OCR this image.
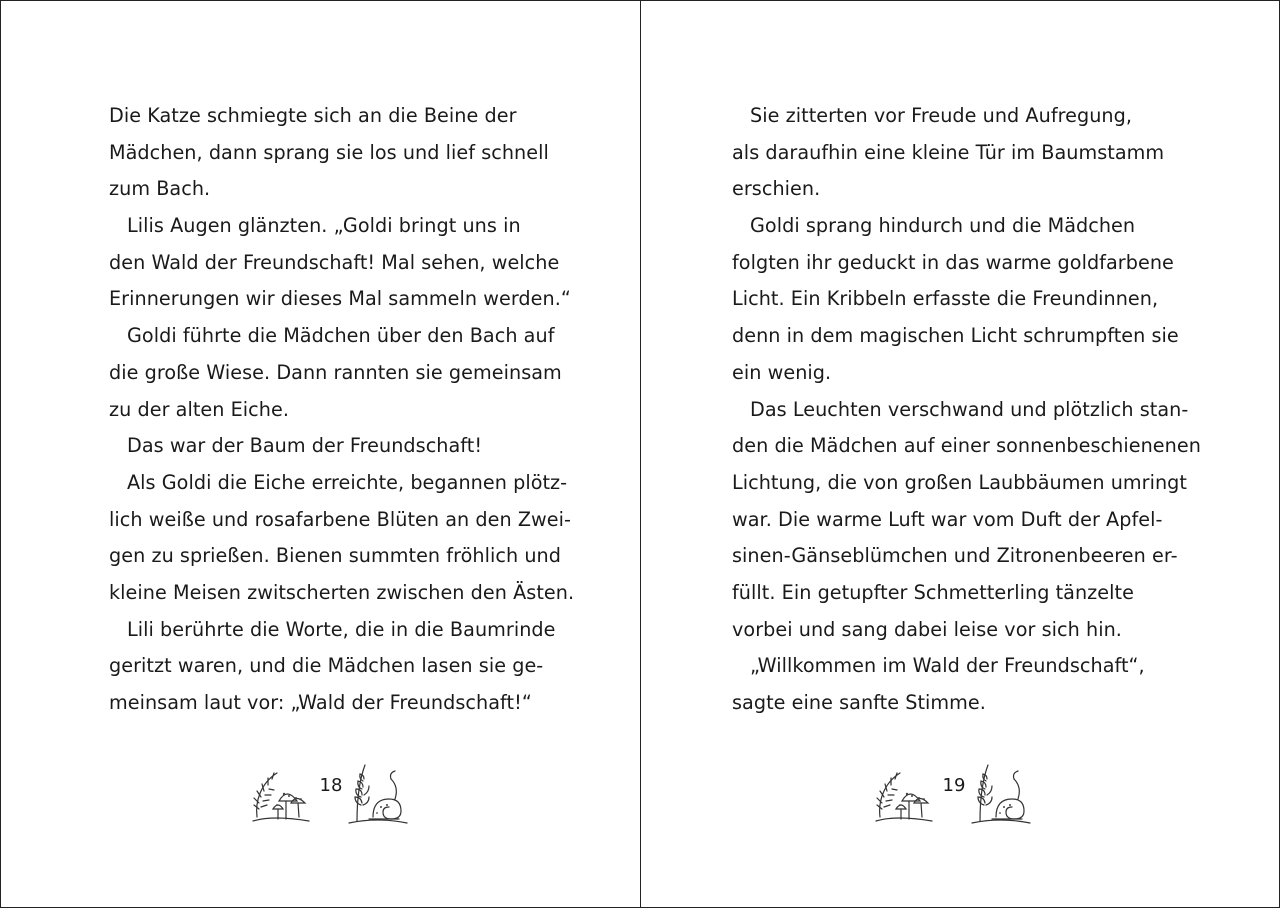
Die Katze schmiegte sich an die Beine der
Mädchen, dann sprang sie los und lief schnell
zum Bach.
Lilis Augen glänzten. „Goldi bringt uns in
den Wald der Freundschaft! Mal sehen, welche
Erinnerungen wir dieses Mal sammeln werden.“
Goldi führte die Mädchen über den Bach auf
die große Wiese. Dann rannten sie gemeinsam
zu der alten Eiche.
Das war der Baum der Freundschaft!
Als Goldi die Eiche erreichte, begannen plötz-
lich weiße und rosafarbene Blüten an den Zwei-
gen zu sprießen. Bienen summten fröhlich und
kleine Meisen zwitscherten zwischen den Ästen.
Lili berührte die Worte, die in die Baumrinde
geritzt waren, und die Mädchen lasen sie ge-
meinsam laut vor: „Wald der Freundschaft!“
18
Sie zitterten vor Freude und Aufregung,
als daraufhin eine kleine Tür im Baumstamm
erschien.
Goldi sprang hindurch und die Mädchen
folgten ihr geduckt in das warme goldfarbene
Licht. Ein Kribbeln erfasste die Freundinnen,
denn in dem magischen Licht schrumpften sie
ein wenig.
Das Leuchten verschwand und plötzlich stan-
den die Mädchen auf einer sonnenbeschienenen
Lichtung, die von großen Laubbäumen umringt
war. Die warme Luft war vom Duft der Apfel-
sinen-Gänseblümchen und Zitronenbeeren er-
füllt. Ein getupfter Schmetterling tänzelte
vorbei und sang dabei leise vor sich hin.
„Willkommen im Wald der Freundschaft“,
sagte eine sanfte Stimme.
19
